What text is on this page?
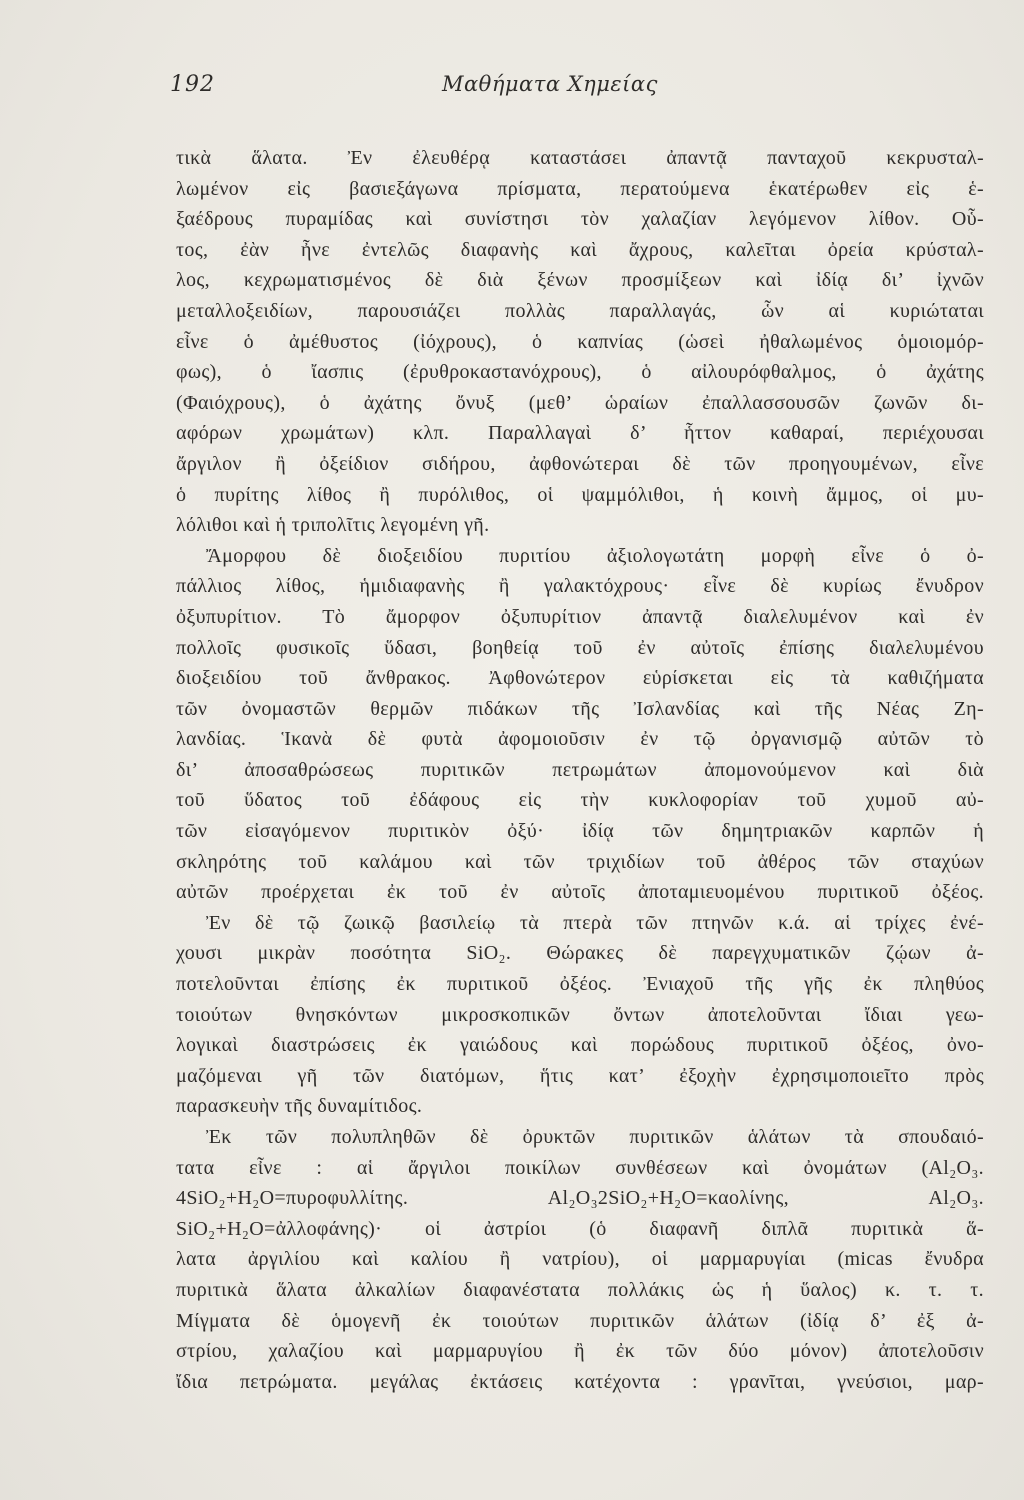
192	Μαθήματα Χημείας
τικὰ ἅλατα. Ἐν ἐλευθέρᾳ καταστάσει ἀπαντᾷ πανταχοῦ κεκρυσταλ-
λωμένον εἰς βασιεξάγωνα πρίσματα, περατούμενα ἑκατέρωθεν εἰς ἑ-
ξαέδρους πυραμίδας καὶ συνίστησι τὸν χαλαζίαν λεγόμενον λίθον. Οὗ-
τος, ἐὰν ἦνε ἐντελῶς διαφανὴς καὶ ἄχρους, καλεῖται ὀρεία κρύσταλ-
λος, κεχρωματισμένος δὲ διὰ ξένων προσμίξεων καὶ ἰδίᾳ δι’ ἰχνῶν
μεταλλοξειδίων, παρουσιάζει πολλὰς παραλλαγάς, ὧν αἱ κυριώταται
εἶνε ὁ ἀμέθυστος (ἰόχρους), ὁ καπνίας (ὡσεὶ ἠθαλωμένος ὁμοιομόρ-
φως), ὁ ἴασπις (ἐρυθροκαστανόχρους), ὁ αἰλουρόφθαλμος, ὁ ἀχάτης
(Φαιόχρους), ὁ ἀχάτης ὄνυξ (μεθ’ ὡραίων ἐπαλλασσουσῶν ζωνῶν δι-
αφόρων χρωμάτων) κλπ. Παραλλαγαὶ δ’ ἧττον καθαραί, περιέχουσαι
ἄργιλον ἢ ὀξείδιον σιδήρου, ἀφθονώτεραι δὲ τῶν προηγουμένων, εἶνε
ὁ πυρίτης λίθος ἢ πυρόλιθος, οἱ ψαμμόλιθοι, ἡ κοινὴ ἄμμος, οἱ μυ-
λόλιθοι καὶ ἡ τριπολῖτις λεγομένη γῆ.
Ἄμορφου δὲ διοξειδίου πυριτίου ἀξιολογωτάτη μορφὴ εἶνε ὁ ὀ-
πάλλιος λίθος, ἡμιδιαφανὴς ἢ γαλακτόχρους· εἶνε δὲ κυρίως ἔνυδρον
ὀξυπυρίτιον. Τὸ ἄμορφον ὀξυπυρίτιον ἀπαντᾷ διαλελυμένον καὶ ἐν
πολλοῖς φυσικοῖς ὕδασι, βοηθείᾳ τοῦ ἐν αὐτοῖς ἐπίσης διαλελυμένου
διοξειδίου τοῦ ἄνθρακος. Ἀφθονώτερον εὑρίσκεται εἰς τὰ καθιζήματα
τῶν ὀνομαστῶν θερμῶν πιδάκων τῆς Ἰσλανδίας καὶ τῆς Νέας Ζη-
λανδίας. Ἱκανὰ δὲ φυτὰ ἀφομοιοῦσιν ἐν τῷ ὀργανισμῷ αὐτῶν τὸ
δι’ ἀποσαθρώσεως πυριτικῶν πετρωμάτων ἀπομονούμενον καὶ διὰ
τοῦ ὕδατος τοῦ ἐδάφους εἰς τὴν κυκλοφορίαν τοῦ χυμοῦ αὐ-
τῶν εἰσαγόμενον πυριτικὸν ὀξύ· ἰδίᾳ τῶν δημητριακῶν καρπῶν ἡ
σκληρότης τοῦ καλάμου καὶ τῶν τριχιδίων τοῦ ἀθέρος τῶν σταχύων
αὐτῶν προέρχεται ἐκ τοῦ ἐν αὐτοῖς ἀποταμιευομένου πυριτικοῦ ὀξέος.
Ἐν δὲ τῷ ζωικῷ βασιλείῳ τὰ πτερὰ τῶν πτηνῶν κ.ά. αἱ τρίχες ἐνέ-
χουσι μικρὰν ποσότητα SiO₂. Θώρακες δὲ παρεγχυματικῶν ζῴων ἀ-
ποτελοῦνται ἐπίσης ἐκ πυριτικοῦ ὀξέος. Ἐνιαχοῦ τῆς γῆς ἐκ πληθύος
τοιούτων θνησκόντων μικροσκοπικῶν ὄντων ἀποτελοῦνται ἴδιαι γεω-
λογικαὶ διαστρώσεις ἐκ γαιώδους καὶ πορώδους πυριτικοῦ ὀξέος, ὀνο-
μαζόμεναι γῆ τῶν διατόμων, ἥτις κατ’ ἐξοχὴν ἐχρησιμοποιεῖτο πρὸς
παρασκευὴν τῆς δυναμίτιδος.
Ἐκ τῶν πολυπληθῶν δὲ ὀρυκτῶν πυριτικῶν ἁλάτων τὰ σπουδαιό-
τατα εἶνε : αἱ ἄργιλοι ποικίλων συνθέσεων καὶ ὀνομάτων (Al₂O₃.
4SiO₂+H₂O=πυροφυλλίτης. Al₂O₃2SiO₂+H₂O=καολίνης, Al₂O₃.
SiO₂+H₂O=ἀλλοφάνης)· οἱ ἀστρίοι (ὁ διαφανῆ διπλᾶ πυριτικὰ ἅ-
λατα ἀργιλίου καὶ καλίου ἢ νατρίου), οἱ μαρμαρυγίαι (micas ἔνυδρα
πυριτικὰ ἅλατα ἀλκαλίων διαφανέστατα πολλάκις ὡς ἡ ὕαλος) κ. τ. τ.
Μίγματα δὲ ὁμογενῆ ἐκ τοιούτων πυριτικῶν ἁλάτων (ἰδίᾳ δ’ ἐξ ἀ-
στρίου, χαλαζίου καὶ μαρμαρυγίου ἢ ἐκ τῶν δύο μόνον) ἀποτελοῦσιν
ἴδια πετρώματα. μεγάλας ἐκτάσεις κατέχοντα : γρανῖται, γνεύσιοι, μαρ-
